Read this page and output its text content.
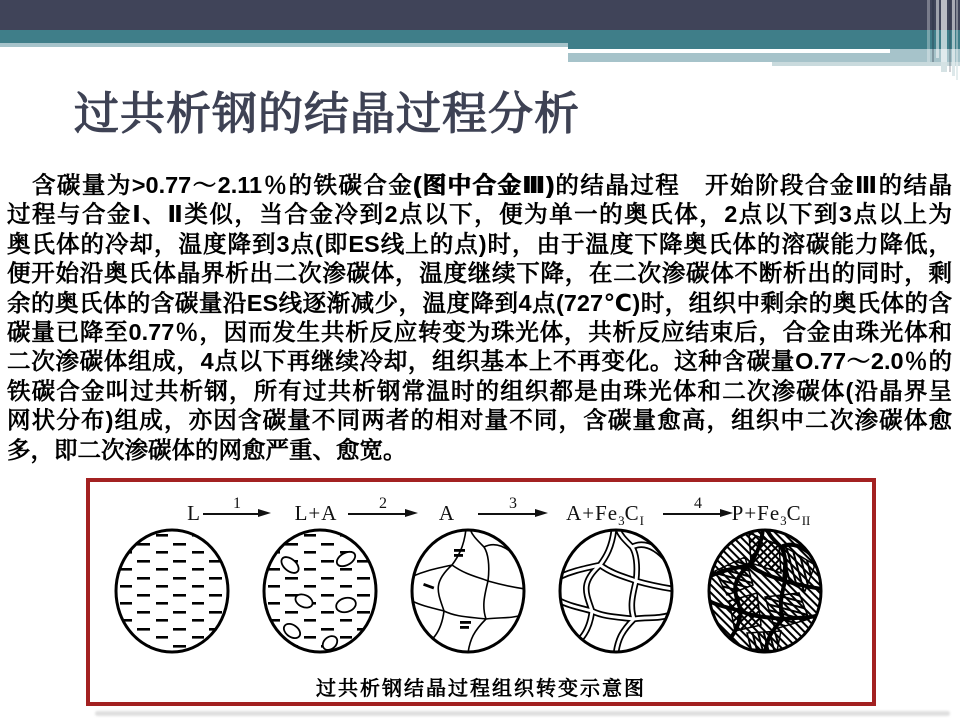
过共析钢的结晶过程分析
　含碳量为>0.77～2.11％的铁碳合金(图中合金Ⅲ)的结晶过程　开始阶段合金Ⅲ的结晶
过程与合金Ⅰ、Ⅱ类似，当合金冷到2点以下，便为单一的奥氏体，2点以下到3点以上为
奥氏体的冷却，温度降到3点(即ES线上的点)时，由于温度下降奥氏体的溶碳能力降低，
便开始沿奥氏体晶界析出二次渗碳体，温度继续下降，在二次渗碳体不断析出的同时，剩
余的奥氏体的含碳量沿ES线逐渐减少，温度降到4点(727℃)时，组织中剩余的奥氏体的含
碳量已降至0.77％，因而发生共析反应转变为珠光体，共析反应结束后，合金由珠光体和
二次渗碳体组成，4点以下再继续冷却，组织基本上不再变化。这种含碳量O.77～2.0％的
铁碳合金叫过共析钢，所有过共析钢常温时的组织都是由珠光体和二次渗碳体(沿晶界呈
网状分布)组成，亦因含碳量不同两者的相对量不同，含碳量愈高，组织中二次渗碳体愈
多，即二次渗碳体的网愈严重、愈宽。
L	L+A	A	$A+Fe_3C_I$	$P+Fe_3C_{II}$
1	2	3	4
过共析钢结晶过程组织转变示意图
